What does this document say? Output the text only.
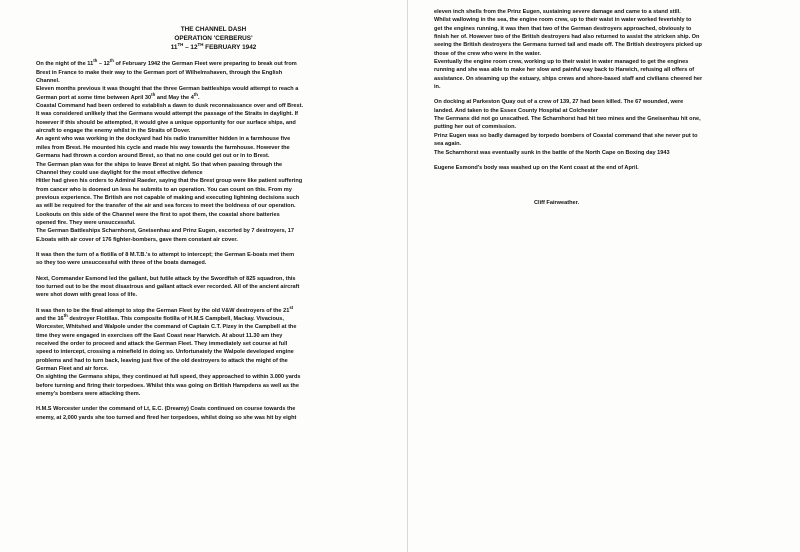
THE CHANNEL DASH
OPERATION 'CERBERUS'
11TH – 12TH FEBRUARY 1942
On the night of the 11th – 12th of February 1942 the German Fleet were preparing to break out from
Brest in France to make their way to the German port of Wilhelmshaven, through the English
Channel.
Eleven months previous it was thought that the three German battleships would attempt to reach a
German port at some time between April 30th and May the 4th.
Coastal Command had been ordered to establish a dawn to dusk reconnaissance over and off Brest.
It was considered unlikely that the Germans would attempt the passage of the Straits in daylight. If
however if this should be attempted, it would give a unique opportunity for our surface ships, and
aircraft to engage the enemy whilst in the Straits of Dover.
An agent who was working in the dockyard had his radio transmitter hidden in a farmhouse five
miles from Brest. He mounted his cycle and made his way towards the farmhouse. However the
Germans had thrown a cordon around Brest, so that no one could get out or in to Brest.
The German plan was for the ships to leave Brest at night. So that when passing through the
Channel they could use daylight for the most effective defence
Hitler had given his orders to Admiral Raeder, saying that the Brest group were like patient suffering
from cancer who is doomed un less he submits to an operation. You can count on this. From my
previous experience. The British are not capable of making and executing lightning decisions such
as will be required for the transfer of the air and sea forces to meet the boldness of our operation.
Lookouts on this side of the Channel were the first to spot them, the coastal shore batteries
opened fire. They were unsuccessful.
The German Battleships Scharnhorst, Gneisenhau and Prinz Eugen, escorted by 7 destroyers, 17
E.boats with air cover of 176 fighter-bombers, gave them constant air cover.
It was then the turn of a flotilla of 8 M.T.B.'s to attempt to intercept; the German E-boats met them
so they too were unsuccessful with three of the boats damaged.
Next, Commander Esmond led the gallant, but futile attack by the Swordfish of 825 squadron, this
too turned out to be the most disastrous and gallant attack ever recorded. All of the ancient aircraft
were shot down with great loss of life.
It was then to be the final attempt to stop the German Fleet by the old V&W destroyers of the 21st
and the 16th destroyer Flotillas. This composite flotilla of H.M.S Campbell, Mackay. Vivacious,
Worcester, Whitshed and Walpole under the command of Captain C.T. Pizey in the Campbell at the
time they were engaged in exercises off the East Coast near Harwich. At about 11.30 am they
received the order to proceed and attack the German Fleet. They immediately set course at full
speed to intercept, crossing a minefield in doing so. Unfortunately the Walpole developed engine
problems and had to turn back, leaving just five of the old destroyers to attack the might of the
German Fleet and air force.
On sighting the Germans ships, they continued at full speed, they approached to within 3.000 yards
before turning and firing their torpedoes. Whilst this was going on British Hampdens as well as the
enemy's bombers were attacking them.
H.M.S Worcester under the command of Lt, E.C. (Dreamy) Coats continued on course towards the
enemy, at 2,000 yards she too turned and fired her torpedoes, whilst doing so she was hit by eight
eleven inch shells from the Prinz Eugen, sustaining severe damage and came to a stand still.
Whilst wallowing in the sea, the engine room crew, up to their waist in water worked feverishly to
get the engines running, it was then that two of the German destroyers approached, obviously to
finish her of. However two of the British destroyers had also returned to assist the stricken ship. On
seeing the British destroyers the Germans turned tail and made off. The British destroyers picked up
those of the crew who were in the water.
Eventually the engine room crew, working up to their waist in water managed to get the engines
running and she was able to make her slow and painful way back to Harwich, refusing all offers of
assistance. On steaming up the estuary, ships crews and shore-based staff and civilians cheered her
in.
On docking at Parkeston Quay out of a crew of 139, 27 had been killed. The 67 wounded, were
landed. And taken to the Essex County Hospital at Colchester
The Germans did not go unscathed. The Scharnhorst had hit two mines and the Gneisenhau hit one,
putting her out of commission.
Prinz Eugen was so badly damaged by torpedo bombers of Coastal command that she never put to
sea again.
The Scharnhorst was eventually sunk in the battle of the North Cape on Boxing day 1943
Eugene Esmond's body was washed up on the Kent coast at the end of April.
Cliff Fairweather.
